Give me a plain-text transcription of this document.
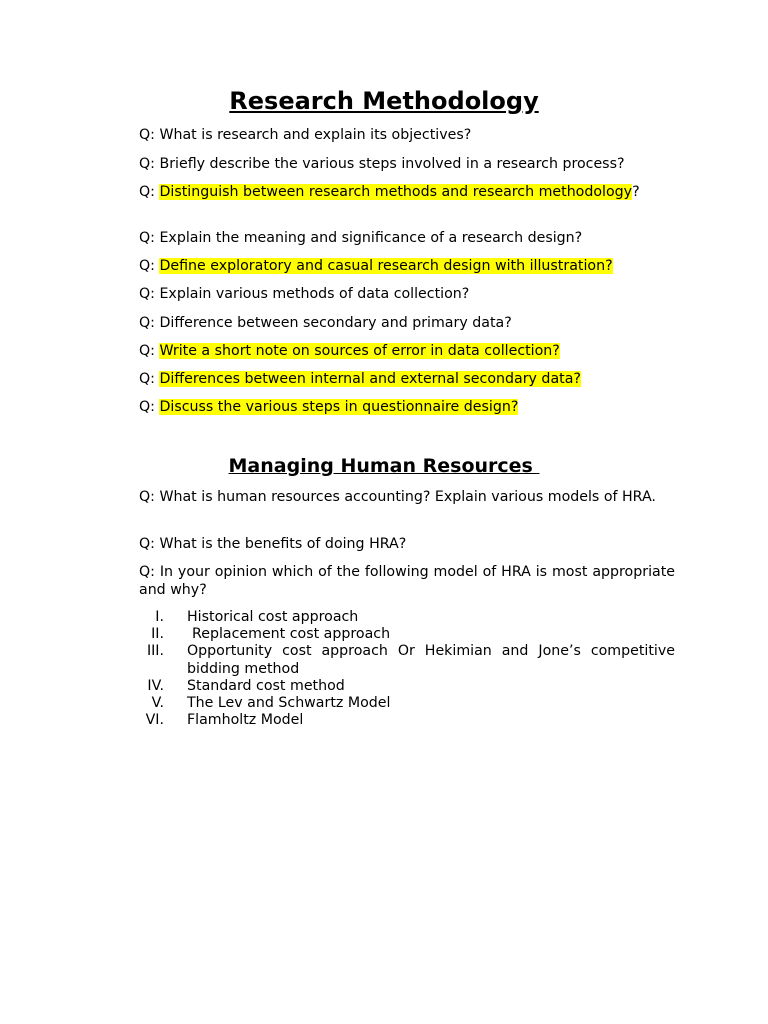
Research Methodology

Q: What is research and explain its objectives?

Q: Briefly describe the various steps involved in a research process?

Q: Distinguish between research methods and research methodology?

Q: Explain the meaning and significance of a research design?

Q: Define exploratory and casual research design with illustration?

Q: Explain various methods of data collection?

Q: Difference between secondary and primary data?

Q: Write a short note on sources of error in data collection?

Q: Differences between internal and external secondary data?

Q: Discuss the various steps in questionnaire design?

Managing Human Resources

Q: What is human resources accounting? Explain various models of HRA.

Q: What is the benefits of doing HRA?

Q: In your opinion which of the following model of HRA is most appropriate and why?

I. Historical cost approach
II. Replacement cost approach
III. Opportunity cost approach Or Hekimian and Jone’s competitive bidding method
IV. Standard cost method
V. The Lev and Schwartz Model
VI. Flamholtz Model
